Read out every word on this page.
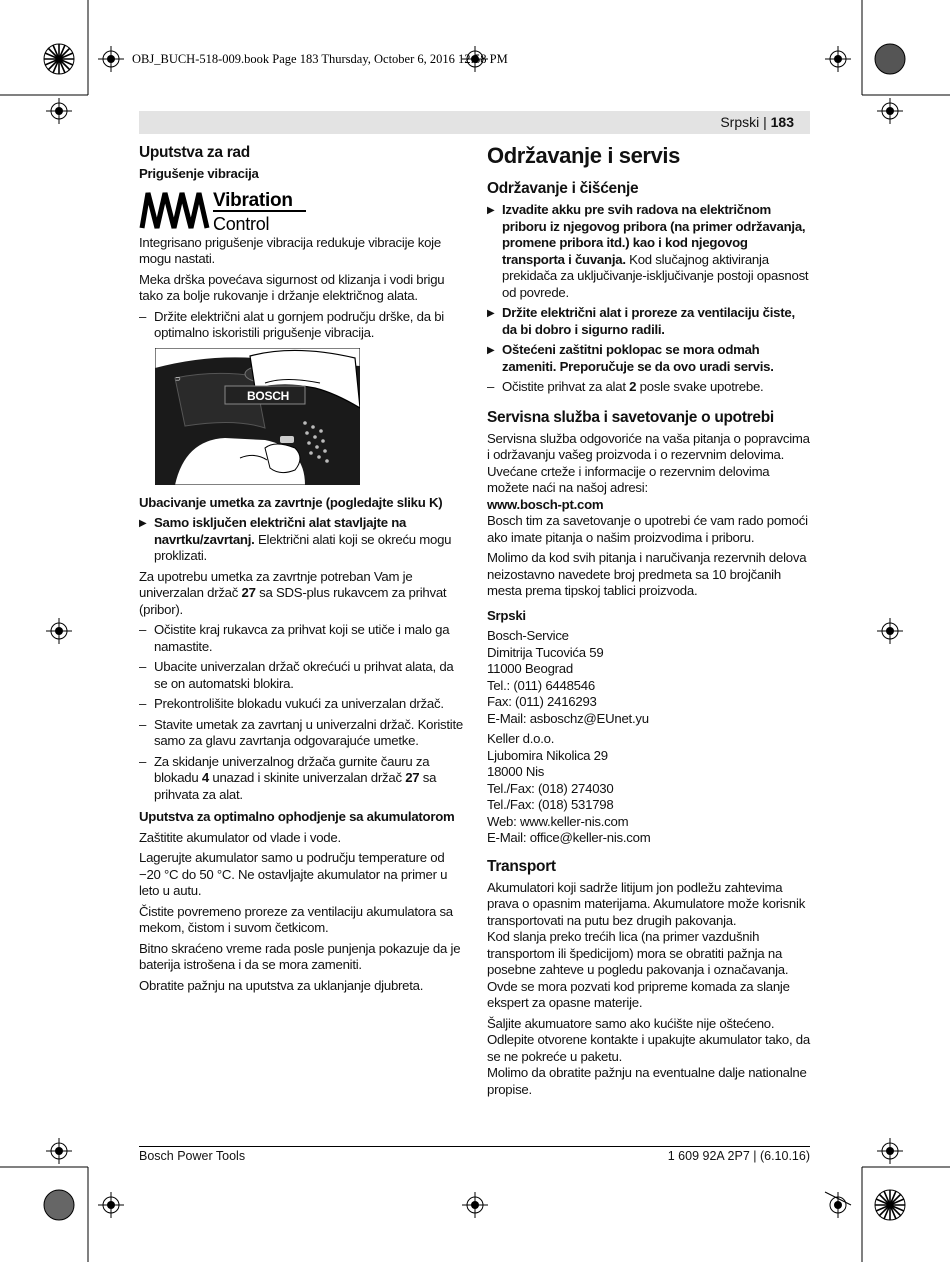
OBJ_BUCH-518-009.book Page 183 Thursday, October 6, 2016 12:58 PM
Srpski | 183
Uputstva za rad
Prigušenje vibracija
Vibration
Control

Integrisano prigušenje vibracija redukuje vibracije koje mogu nastati.

Meka drška povećava sigurnost od klizanja i vodi brigu tako za bolje rukovanje i držanje električnog alata.

– Držite električni alat u gornjem području drške, da bi optimalno iskoristili prigušenje vibracija.
BOSCH
⊃
Ubacivanje umetka za zavrtnje (pogledajte sliku K)
▶ Samo isključen električni alat stavljajte na navrtku/zavrtanj. Električni alati koji se okreću mogu proklizati.

Za upotrebu umetka za zavrtnje potreban Vam je univerzalan držač 27 sa SDS-plus rukavcem za prihvat (pribor).

– Očistite kraj rukavca za prihvat koji se utiče i malo ga namastite.
– Ubacite univerzalan držač okrećući u prihvat alata, da se on automatski blokira.
– Prekontrolišite blokadu vukući za univerzalan držač.
– Stavite umetak za zavrtanj u univerzalni držač. Koristite samo za glavu zavrtanja odgovarajuće umetke.
– Za skidanje univerzalnog držača gurnite čauru za blokadu 4 unazad i skinite univerzalan držač 27 sa prihvata za alat.
Uputstva za optimalno ophodjenje sa akumulatorom

Zaštitite akumulator od vlade i vode.

Lagerujte akumulator samo u području temperature od −20 °C do 50 °C. Ne ostavljajte akumulator na primer u leto u autu.

Čistite povremeno proreze za ventilaciju akumulatora sa mekom, čistom i suvom četkicom.

Bitno skraćeno vreme rada posle punjenja pokazuje da je baterija istrošena i da se mora zameniti.

Obratite pažnju na uputstva za uklanjanje djubreta.

Održavanje i servis
Održavanje i čišćenje
▶ Izvadite akku pre svih radova na električnom priboru iz njegovog pribora (na primer održavanja, promene pribora itd.) kao i kod njegovog transporta i čuvanja. Kod slučajnog aktiviranja prekidača za uključivanje-isključivanje postoji opasnost od povrede.
▶ Držite električni alat i proreze za ventilaciju čiste, da bi dobro i sigurno radili.
▶ Oštećeni zaštitni poklopac se mora odmah zameniti. Preporučuje se da ovo uradi servis.
– Očistite prihvat za alat 2 posle svake upotrebe.
Servisna služba i savetovanje o upotrebi

Servisna služba odgovoriće na vaša pitanja o popravcima i održavanju vašeg proizvoda i o rezervnim delovima. Uvećane crteže i informacije o rezervnim delovima možete naći na našoj adresi:

www.bosch-pt.com

Bosch tim za savetovanje o upotrebi će vam rado pomoći ako imate pitanja o našim proizvodima i priboru.

Molimo da kod svih pitanja i naručivanja rezervnih delova neizostavno navedete broj predmeta sa 10 brojčanih mesta prema tipskoj tablici proizvoda.

Srpski

Bosch-Service

Dimitrija Tucovića 59

11000 Beograd

Tel.: (011) 6448546

Fax: (011) 2416293

E-Mail: asboschz@EUnet.yu

Keller d.o.o.

Ljubomira Nikolica 29

18000 Nis

Tel./Fax: (018) 274030

Tel./Fax: (018) 531798

Web: www.keller-nis.com

E-Mail: office@keller-nis.com

Transport

Akumulatori koji sadrže litijum jon podležu zahtevima prava o opasnim materijama. Akumulatore može korisnik transportovati na putu bez drugih pakovanja.

Kod slanja preko trećih lica (na primer vazdušnih transportom ili špedicijom) mora se obratiti pažnja na posebne zahteve u pogledu pakovanja i označavanja. Ovde se mora pozvati kod pripreme komada za slanje ekspert za opasne materije.

Šaljite akumuatore samo ako kućište nije oštećeno. Odlepite otvorene kontakte i upakujte akumulator tako, da se ne pokreće u paketu.

Molimo da obratite pažnju na eventualne dalje nationalne propise.

Bosch Power Tools	1 609 92A 2P7 | (6.10.16)
